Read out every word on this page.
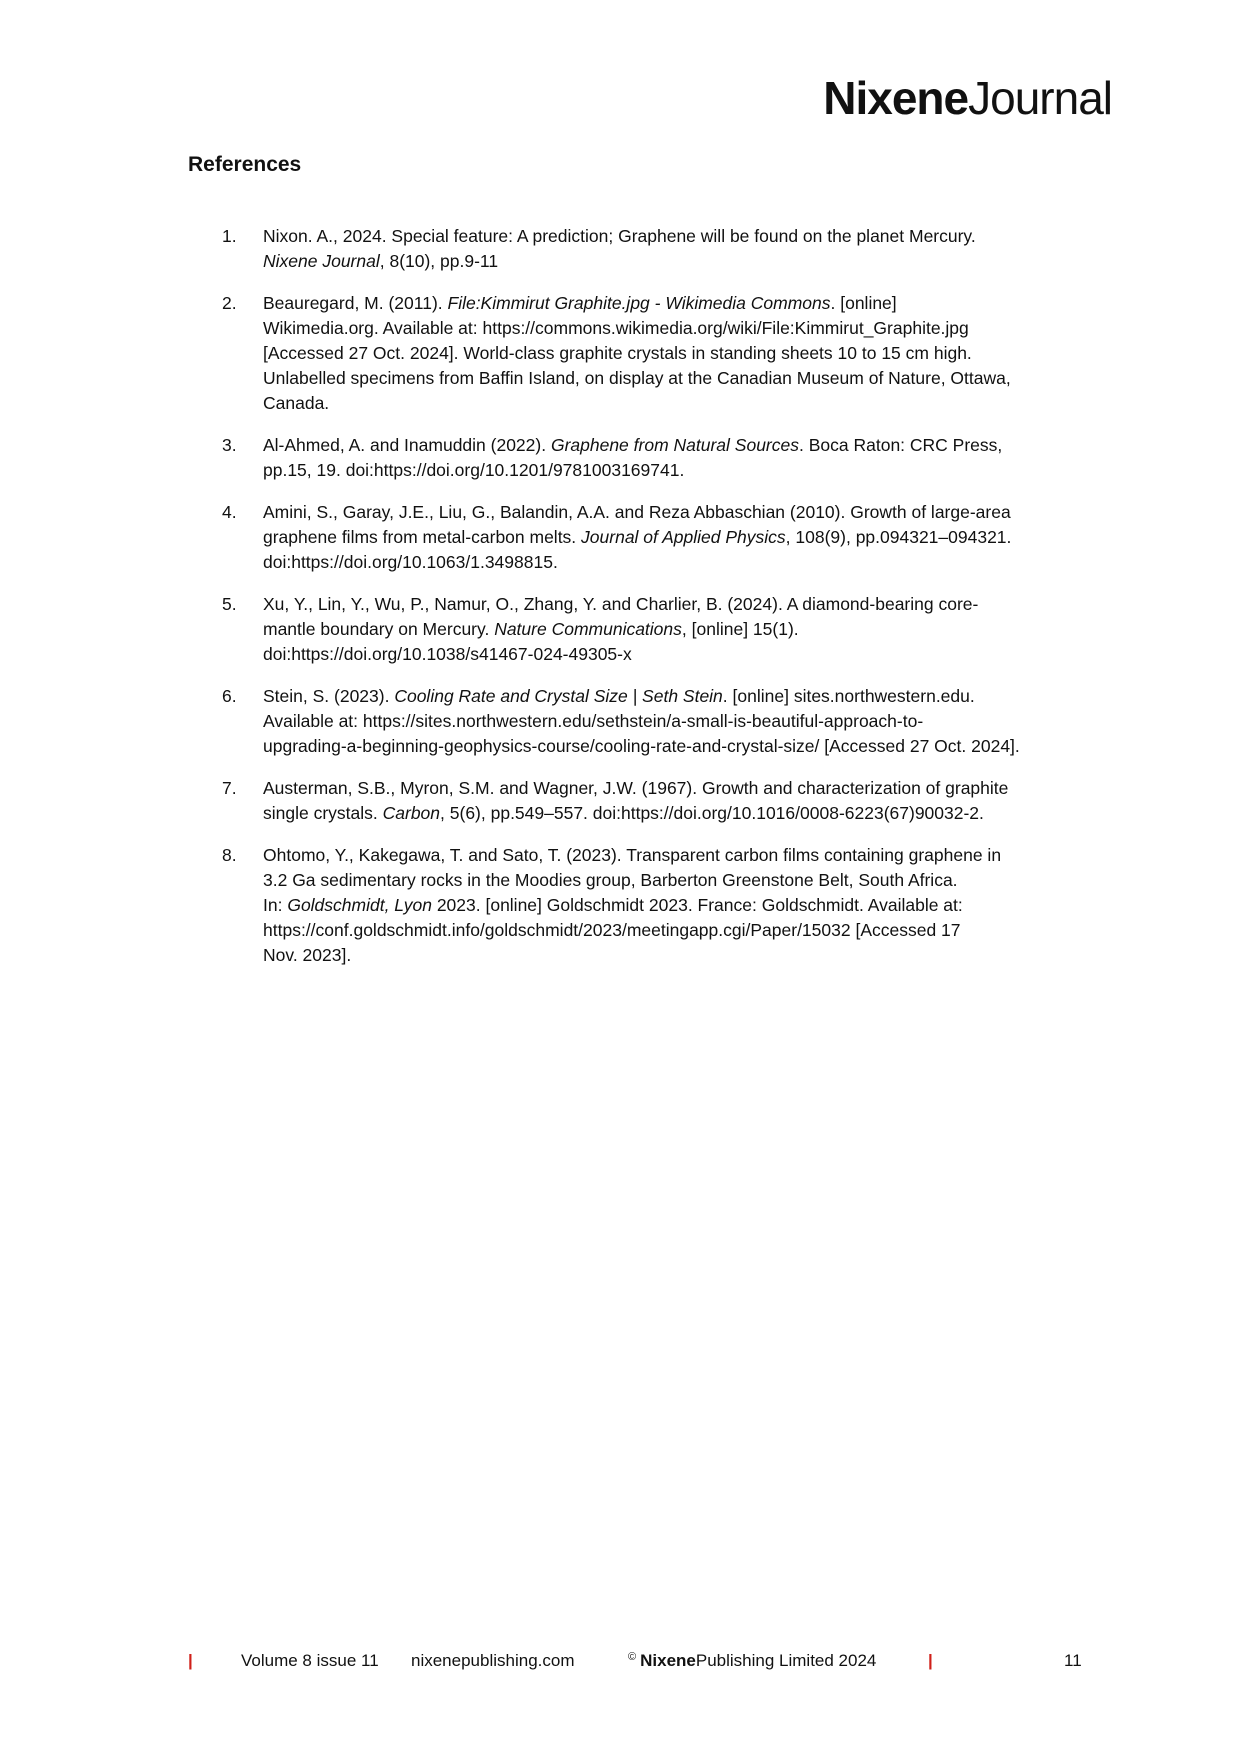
NixeneJournal
References
1. Nixon. A., 2024. Special feature: A prediction; Graphene will be found on the planet Mercury.
Nixene Journal, 8(10), pp.9-11
2. Beauregard, M. (2011). File:Kimmirut Graphite.jpg - Wikimedia Commons. [online]
Wikimedia.org. Available at: https://commons.wikimedia.org/wiki/File:Kimmirut_Graphite.jpg
[Accessed 27 Oct. 2024]. World-class graphite crystals in standing sheets 10 to 15 cm high.
Unlabelled specimens from Baffin Island, on display at the Canadian Museum of Nature, Ottawa,
Canada.
3. Al-Ahmed, A. and Inamuddin (2022). Graphene from Natural Sources. Boca Raton: CRC Press,
pp.15, 19. doi:https://doi.org/10.1201/9781003169741.
4. Amini, S., Garay, J.E., Liu, G., Balandin, A.A. and Reza Abbaschian (2010). Growth of large-area
graphene films from metal-carbon melts. Journal of Applied Physics, 108(9), pp.094321–094321.
doi:https://doi.org/10.1063/1.3498815.
5. Xu, Y., Lin, Y., Wu, P., Namur, O., Zhang, Y. and Charlier, B. (2024). A diamond-bearing core-
mantle boundary on Mercury. Nature Communications, [online] 15(1).
doi:https://doi.org/10.1038/s41467-024-49305-x
6. Stein, S. (2023). Cooling Rate and Crystal Size | Seth Stein. [online] sites.northwestern.edu.
Available at: https://sites.northwestern.edu/sethstein/a-small-is-beautiful-approach-to-
upgrading-a-beginning-geophysics-course/cooling-rate-and-crystal-size/ [Accessed 27 Oct. 2024].
7. Austerman, S.B., Myron, S.M. and Wagner, J.W. (1967). Growth and characterization of graphite
single crystals. Carbon, 5(6), pp.549–557. doi:https://doi.org/10.1016/0008-6223(67)90032-2.
8. Ohtomo, Y., Kakegawa, T. and Sato, T. (2023). Transparent carbon films containing graphene in
3.2 Ga sedimentary rocks in the Moodies group, Barberton Greenstone Belt, South Africa.
In: Goldschmidt, Lyon 2023. [online] Goldschmidt 2023. France: Goldschmidt. Available at:
https://conf.goldschmidt.info/goldschmidt/2023/meetingapp.cgi/Paper/15032 [Accessed 17
Nov. 2023].
|	Volume 8 issue 11 nixenepublishing.com	© NixenePublishing Limited 2024	|	11
